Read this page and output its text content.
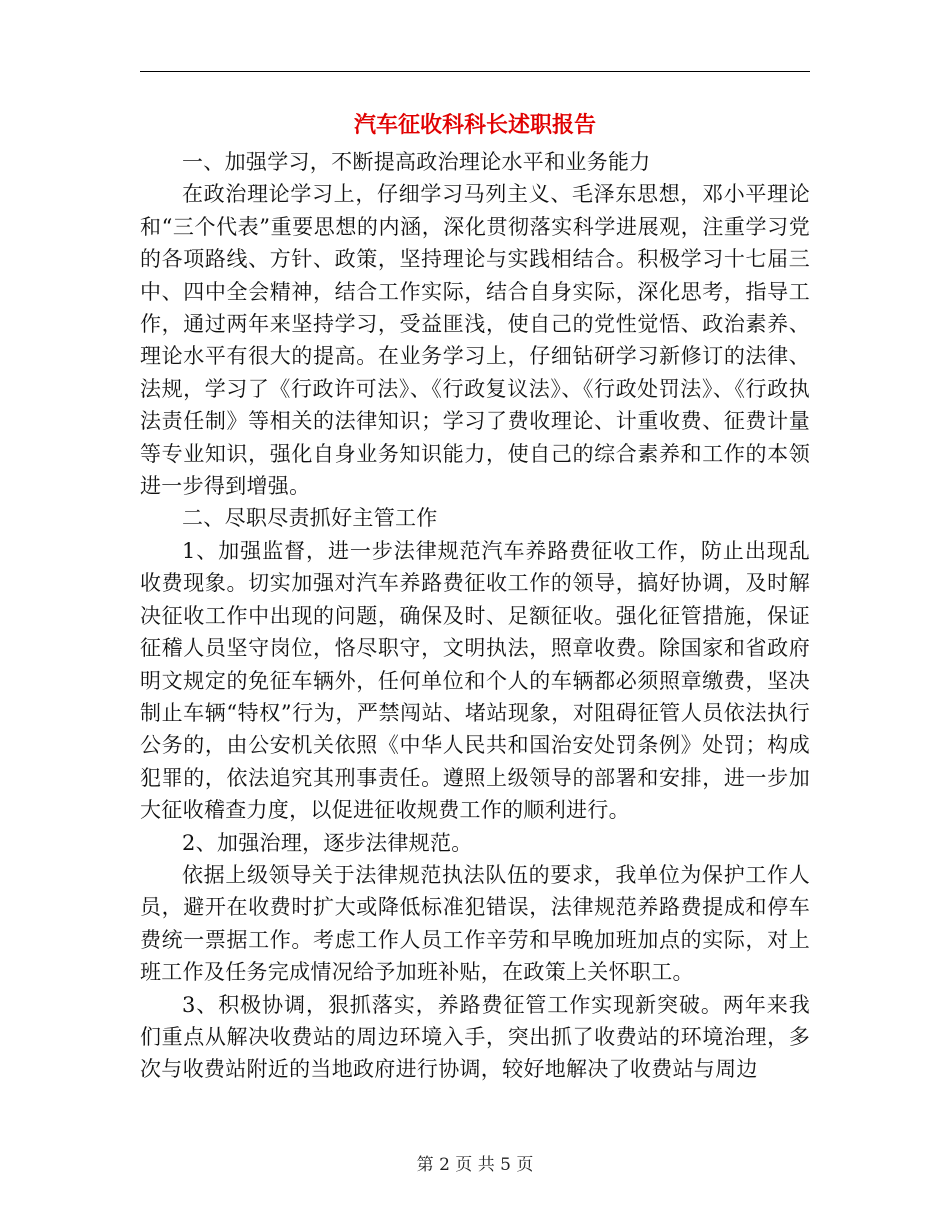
汽车征收科科长述职报告

一、加强学习，不断提高政治理论水平和业务能力

在政治理论学习上，仔细学习马列主义、毛泽东思想，邓小平理论和“三个代表”重要思想的内涵，深化贯彻落实科学进展观，注重学习党的各项路线、方针、政策，坚持理论与实践相结合。积极学习十七届三中、四中全会精神，结合工作实际，结合自身实际，深化思考，指导工作，通过两年来坚持学习，受益匪浅，使自己的党性觉悟、政治素养、理论水平有很大的提高。在业务学习上，仔细钻研学习新修订的法律、法规，学习了《行政许可法》、《行政复议法》、《行政处罚法》、《行政执法责任制》等相关的法律知识；学习了费收理论、计重收费、征费计量等专业知识，强化自身业务知识能力，使自己的综合素养和工作的本领进一步得到增强。

二、尽职尽责抓好主管工作

1、加强监督，进一步法律规范汽车养路费征收工作，防止出现乱收费现象。切实加强对汽车养路费征收工作的领导，搞好协调，及时解决征收工作中出现的问题，确保及时、足额征收。强化征管措施，保证征稽人员坚守岗位，恪尽职守，文明执法，照章收费。除国家和省政府明文规定的免征车辆外，任何单位和个人的车辆都必须照章缴费，坚决制止车辆“特权”行为，严禁闯站、堵站现象，对阻碍征管人员依法执行公务的，由公安机关依照《中华人民共和国治安处罚条例》处罚；构成犯罪的，依法追究其刑事责任。遵照上级领导的部署和安排，进一步加大征收稽查力度，以促进征收规费工作的顺利进行。

2、加强治理，逐步法律规范。

依据上级领导关于法律规范执法队伍的要求，我单位为保护工作人员，避开在收费时扩大或降低标准犯错误，法律规范养路费提成和停车费统一票据工作。考虑工作人员工作辛劳和早晚加班加点的实际，对上班工作及任务完成情况给予加班补贴，在政策上关怀职工。

3、积极协调，狠抓落实，养路费征管工作实现新突破。两年来我们重点从解决收费站的周边环境入手，突出抓了收费站的环境治理，多次与收费站附近的当地政府进行协调，较好地解决了收费站与周边

第 2 页 共 5 页
